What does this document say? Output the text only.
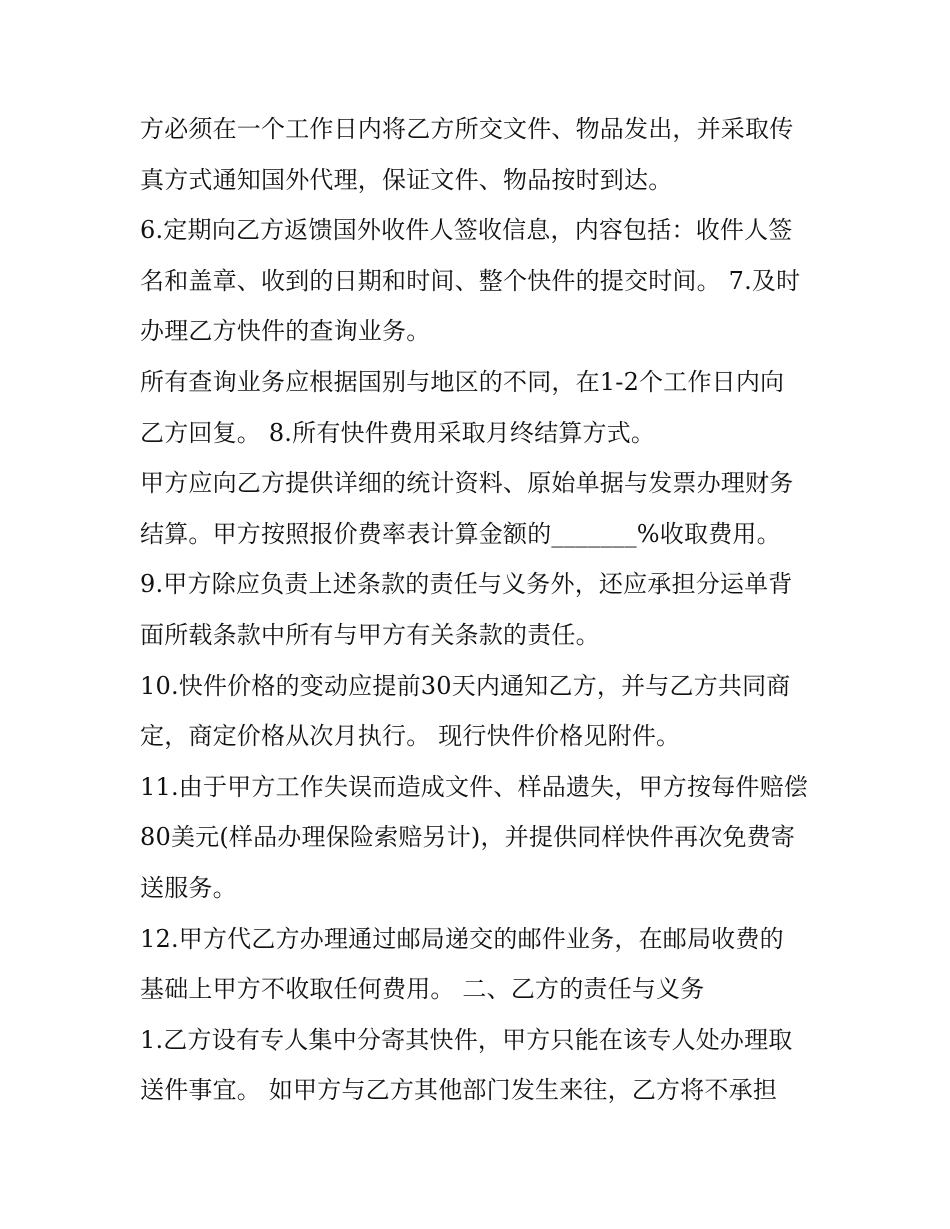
方必须在一个工作日内将乙方所交文件、物品发出，并采取传
真方式通知国外代理，保证文件、物品按时到达。
6.定期向乙方返馈国外收件人签收信息，内容包括：收件人签
名和盖章、收到的日期和时间、整个快件的提交时间。 7.及时
办理乙方快件的查询业务。
所有查询业务应根据国别与地区的不同，在1-2个工作日内向
乙方回复。 8.所有快件费用采取月终结算方式。
甲方应向乙方提供详细的统计资料、原始单据与发票办理财务
结算。甲方按照报价费率表计算金额的_______%收取费用。
9.甲方除应负责上述条款的责任与义务外，还应承担分运单背
面所载条款中所有与甲方有关条款的责任。
10.快件价格的变动应提前30天内通知乙方，并与乙方共同商
定，商定价格从次月执行。 现行快件价格见附件。
11.由于甲方工作失误而造成文件、样品遗失，甲方按每件赔偿
80美元(样品办理保险索赔另计)，并提供同样快件再次免费寄
送服务。
12.甲方代乙方办理通过邮局递交的邮件业务，在邮局收费的
基础上甲方不收取任何费用。 二、乙方的责任与义务
1.乙方设有专人集中分寄其快件，甲方只能在该专人处办理取
送件事宜。 如甲方与乙方其他部门发生来往，乙方将不承担
